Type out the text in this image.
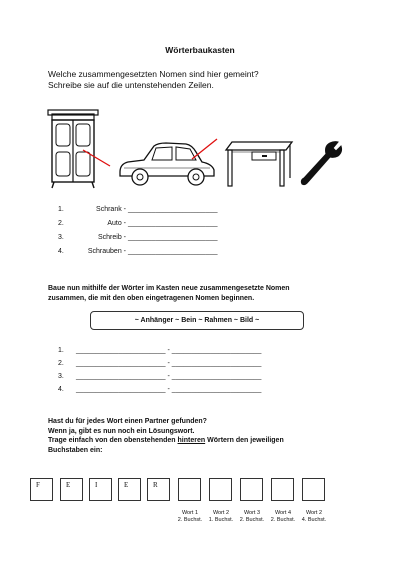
Wörterbaukasten
Welche zusammengesetzten Nomen sind hier gemeint?
Schreibe sie auf die untenstehenden Zeilen.
1.	Schrank - _______________________
2.	Auto - _______________________
3.	Schreib - _______________________
4.	Schrauben - _______________________
Baue nun mithilfe der Wörter im Kasten neue zusammengesetzte Nomen
zusammen, die mit den oben eingetragenen Nomen beginnen.
~ Anhänger ~ Bein ~ Rahmen ~ Bild ~
1. _______________________ - _______________________
2. _______________________ - _______________________
3. _______________________ - _______________________
4. _______________________ - _______________________
Hast du für jedes Wort einen Partner gefunden?
Wenn ja, gibt es nun noch ein Lösungswort.
Trage einfach von den obenstehenden hinteren Wörtern den jeweiligen
Buchstaben ein:
F	E	I	E	R
Wort 1
2. Buchst.
Wort 2
1. Buchst.
Wort 3
2. Buchst.
Wort 4
2. Buchst.
Wort 2
4. Buchst.
